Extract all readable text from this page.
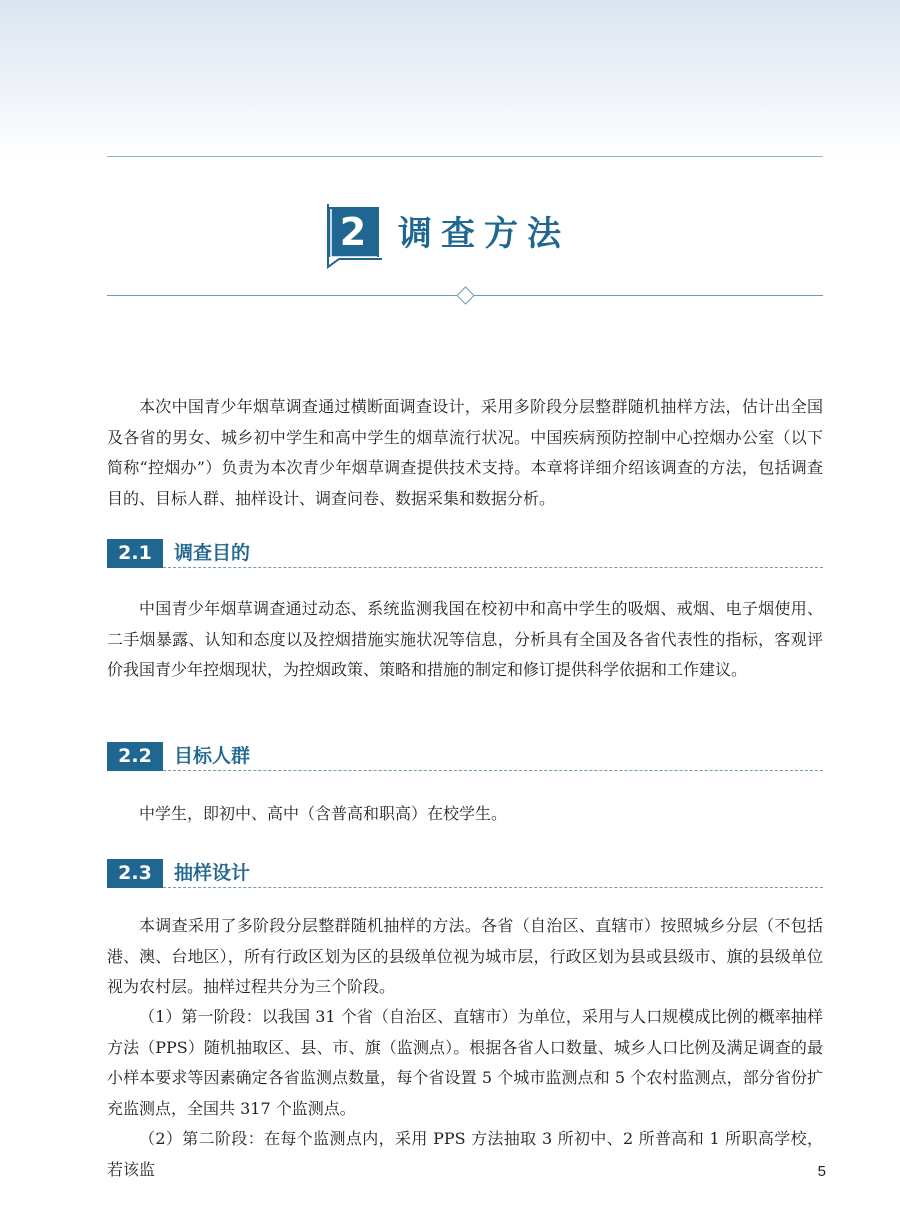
2 调查方法

本次中国青少年烟草调查通过横断面调查设计，采用多阶段分层整群随机抽样方法，估计出全国及各省的男女、城乡初中学生和高中学生的烟草流行状况。中国疾病预防控制中心控烟办公室（以下简称“控烟办”）负责为本次青少年烟草调查提供技术支持。本章将详细介绍该调查的方法，包括调查目的、目标人群、抽样设计、调查问卷、数据采集和数据分析。

2.1	调查目的

中国青少年烟草调查通过动态、系统监测我国在校初中和高中学生的吸烟、戒烟、电子烟使用、二手烟暴露、认知和态度以及控烟措施实施状况等信息，分析具有全国及各省代表性的指标，客观评价我国青少年控烟现状，为控烟政策、策略和措施的制定和修订提供科学依据和工作建议。

2.2	目标人群

中学生，即初中、高中（含普高和职高）在校学生。

2.3	抽样设计

本调查采用了多阶段分层整群随机抽样的方法。各省（自治区、直辖市）按照城乡分层（不包括港、澳、台地区），所有行政区划为区的县级单位视为城市层，行政区划为县或县级市、旗的县级单位视为农村层。抽样过程共分为三个阶段。

（1）第一阶段：以我国 31 个省（自治区、直辖市）为单位，采用与人口规模成比例的概率抽样方法（PPS）随机抽取区、县、市、旗（监测点）。根据各省人口数量、城乡人口比例及满足调查的最小样本要求等因素确定各省监测点数量，每个省设置 5 个城市监测点和 5 个农村监测点，部分省份扩充监测点，全国共 317 个监测点。

（2）第二阶段：在每个监测点内，采用 PPS 方法抽取 3 所初中、2 所普高和 1 所职高学校，若该监	5
